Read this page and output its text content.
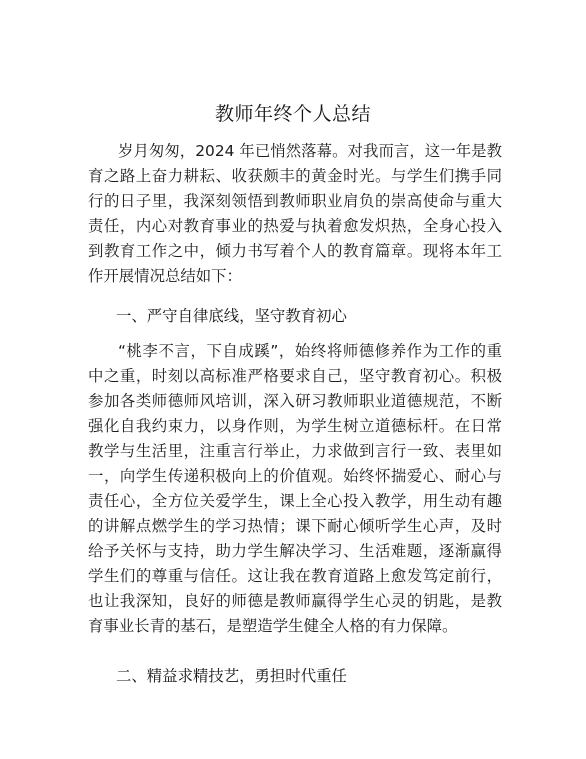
教师年终个人总结

岁月匆匆，2024 年已悄然落幕。对我而言，这一年是教育之路上奋力耕耘、收获颇丰的黄金时光。与学生们携手同行的日子里，我深刻领悟到教师职业肩负的崇高使命与重大责任，内心对教育事业的热爱与执着愈发炽热，全身心投入到教育工作之中，倾力书写着个人的教育篇章。现将本年工作开展情况总结如下：

一、严守自律底线，坚守教育初心

“桃李不言，下自成蹊”，始终将师德修养作为工作的重中之重，时刻以高标准严格要求自己，坚守教育初心。积极参加各类师德师风培训，深入研习教师职业道德规范，不断强化自我约束力，以身作则，为学生树立道德标杆。在日常教学与生活里，注重言行举止，力求做到言行一致、表里如一，向学生传递积极向上的价值观。始终怀揣爱心、耐心与责任心，全方位关爱学生，课上全心投入教学，用生动有趣的讲解点燃学生的学习热情；课下耐心倾听学生心声，及时给予关怀与支持，助力学生解决学习、生活难题，逐渐赢得学生们的尊重与信任。这让我在教育道路上愈发笃定前行，也让我深知，良好的师德是教师赢得学生心灵的钥匙，是教育事业长青的基石，是塑造学生健全人格的有力保障。

二、精益求精技艺，勇担时代重任
